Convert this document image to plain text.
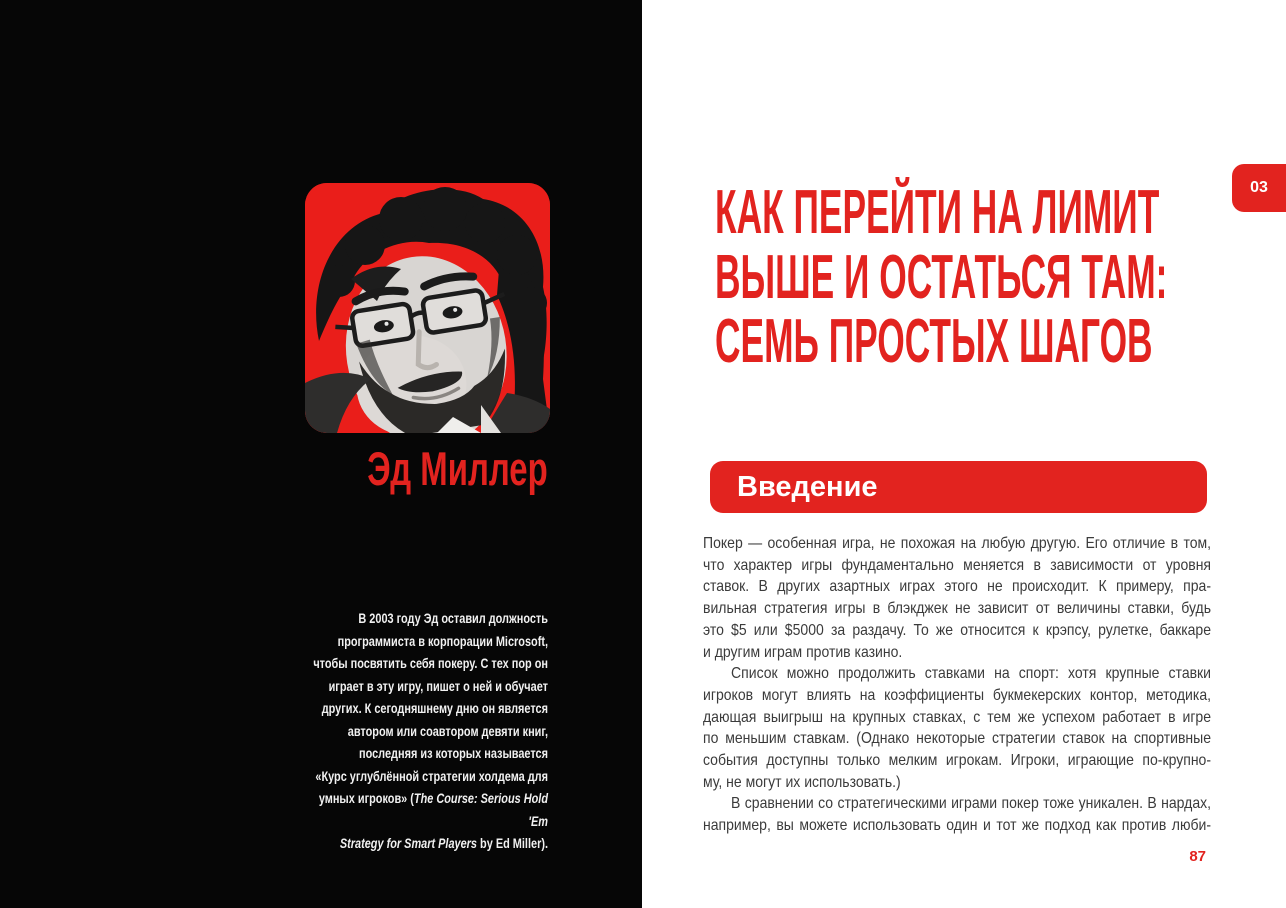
Эд Миллер
В 2003 году Эд оставил должность
программиста в корпорации Microsoft,
чтобы посвятить себя покеру. С тех пор он
играет в эту игру, пишет о ней и обучает
других. К сегодняшнему дню он является
автором или соавтором девяти книг,
последняя из которых называется
«Курс углублённой стратегии холдема для
умных игроков» (The Course: Serious Hold 'Em
Strategy for Smart Players by Ed Miller).
03
КАК ПЕРЕЙТИ НА ЛИМИТ
ВЫШЕ И ОСТАТЬСЯ ТАМ:
СЕМЬ ПРОСТЫХ ШАГОВ
Введение
Покер — особенная игра, не похожая на любую другую. Его отличие в том,
что характер игры фундаментально меняется в зависимости от уровня
ставок. В других азартных играх этого не происходит. К примеру, пра-
вильная стратегия игры в блэкджек не зависит от величины ставки, будь
это $5 или $5000 за раздачу. То же относится к крэпсу, рулетке, баккаре
и другим играм против казино.
Список можно продолжить ставками на спорт: хотя крупные ставки
игроков могут влиять на коэффициенты букмекерских контор, методика,
дающая выигрыш на крупных ставках, с тем же успехом работает в игре
по меньшим ставкам. (Однако некоторые стратегии ставок на спортивные
события доступны только мелким игрокам. Игроки, играющие по-крупно-
му, не могут их использовать.)
В сравнении со стратегическими играми покер тоже уникален. В нардах,
например, вы можете использовать один и тот же подход как против люби-
87
